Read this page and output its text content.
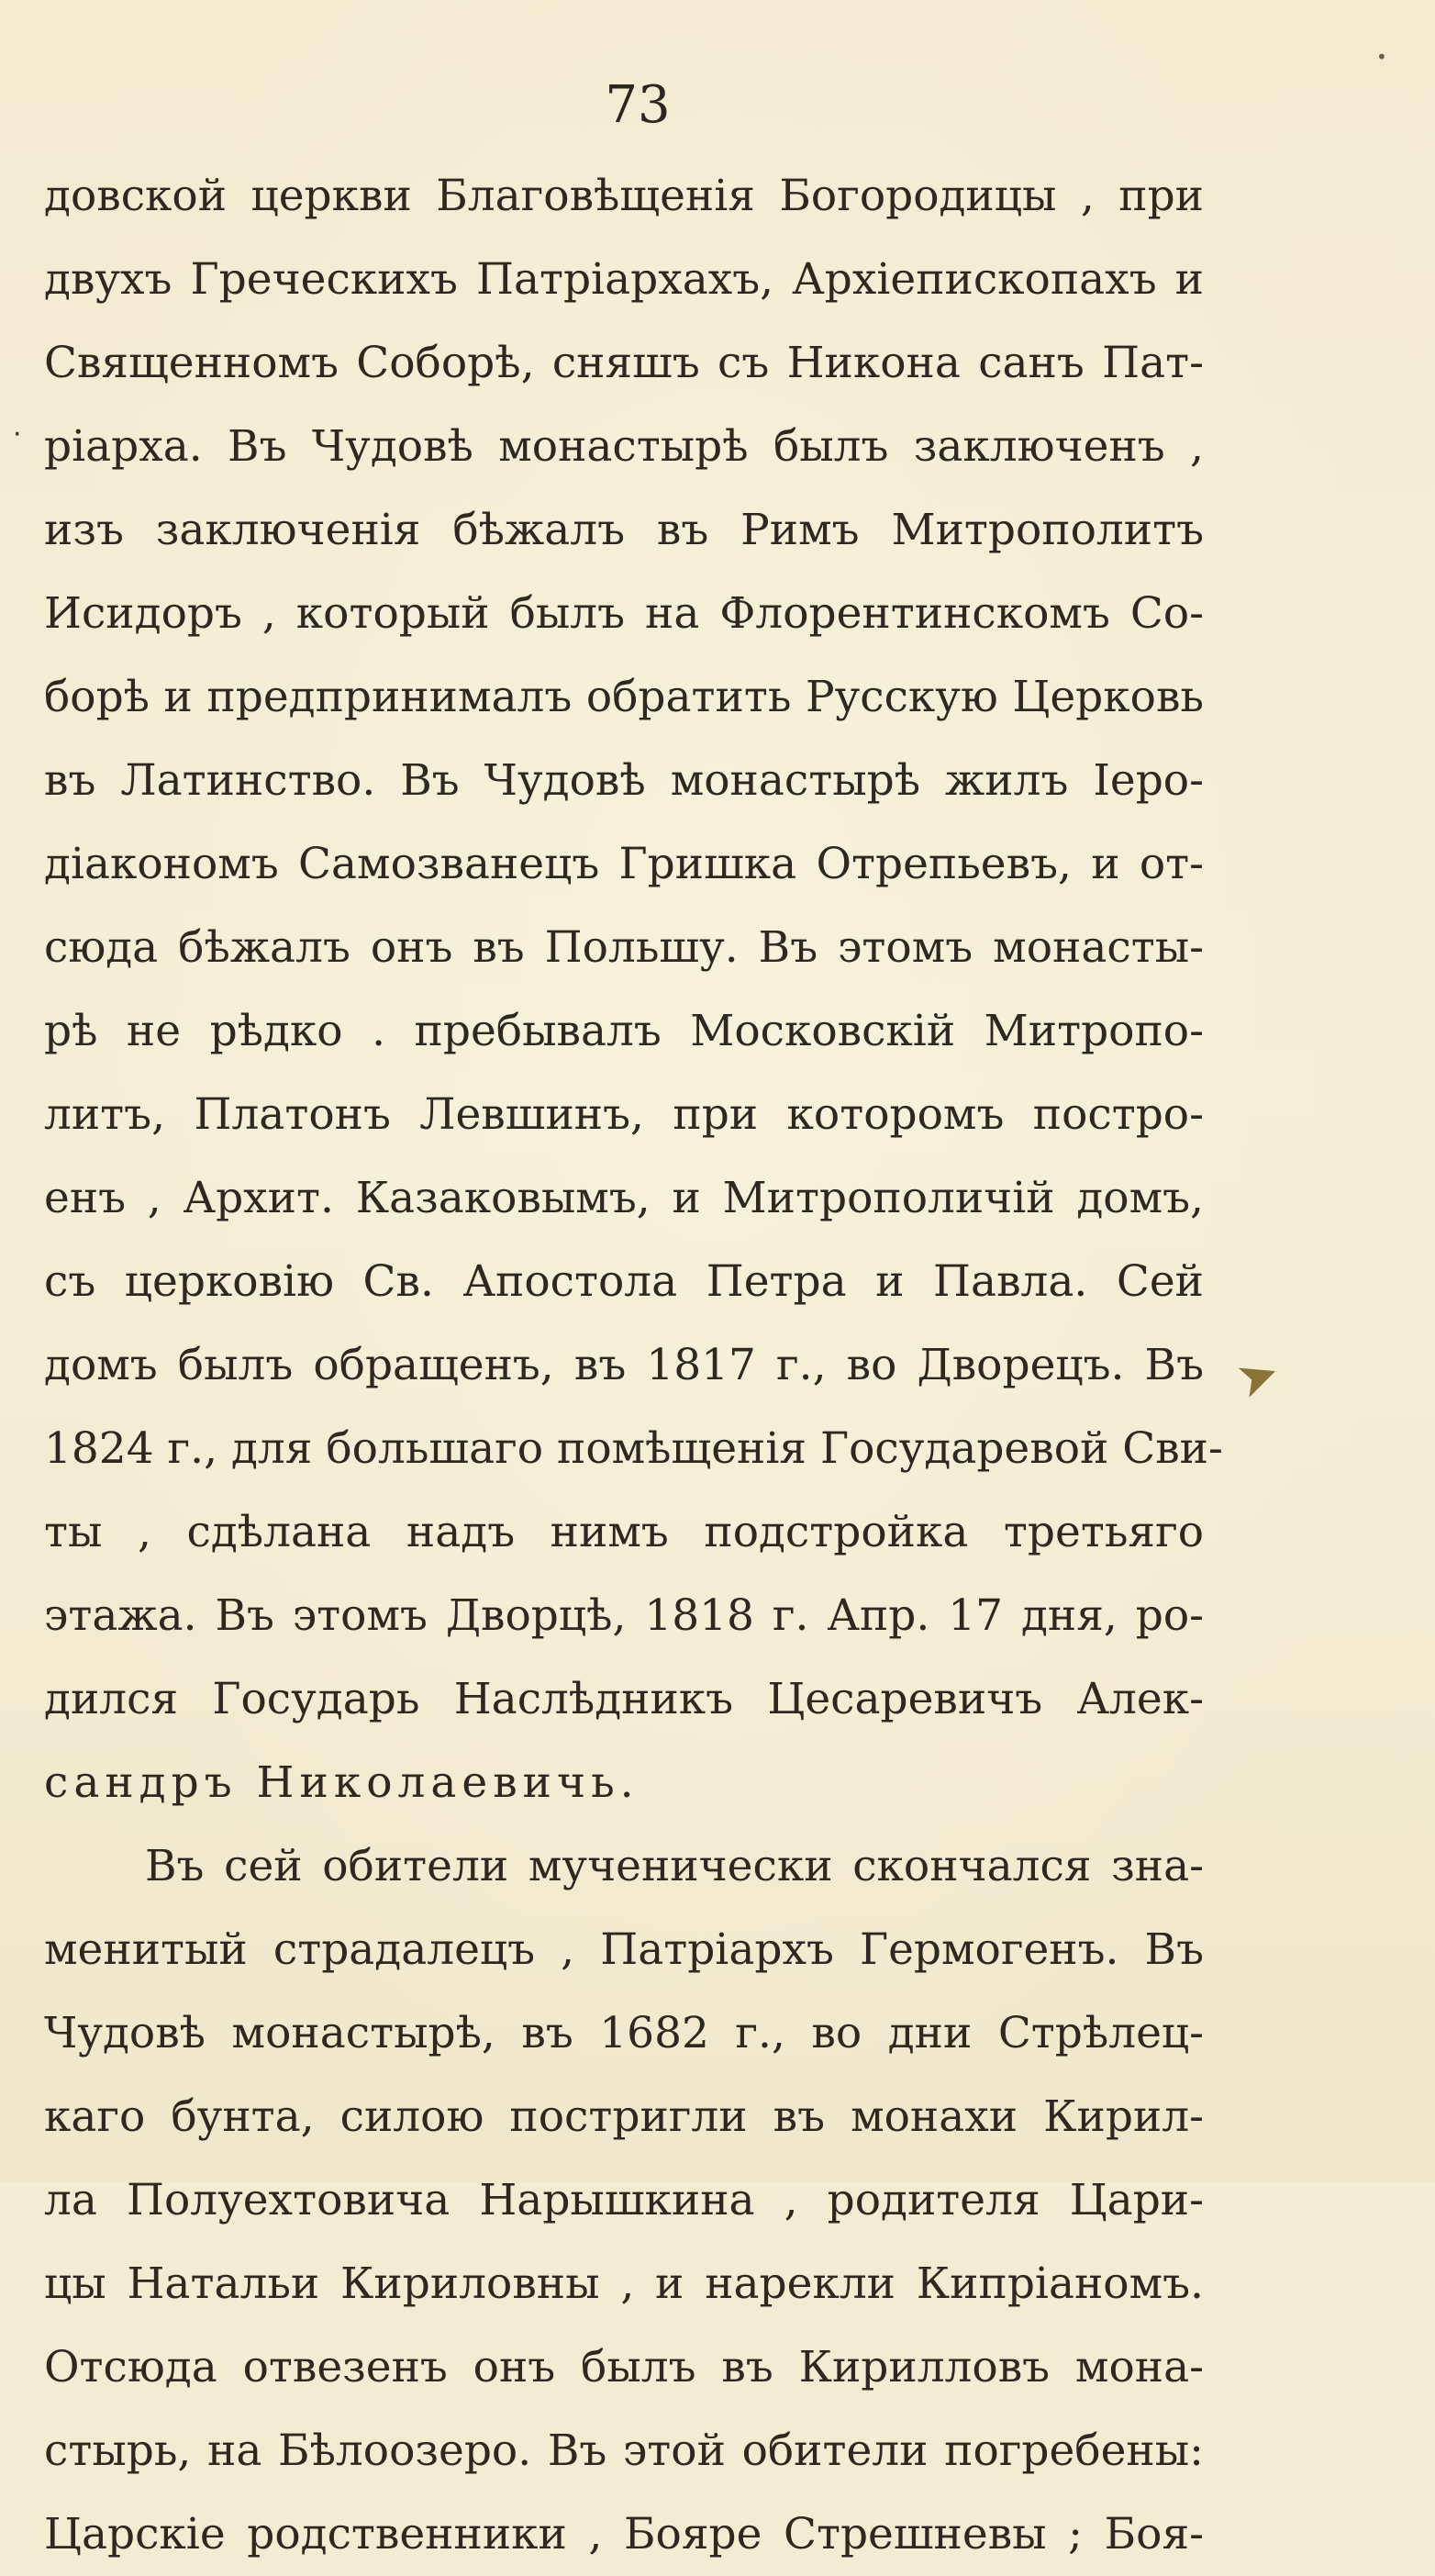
73
•
·
➤
довской церкви Благовѣщенія Богородицы , при
двухъ Греческихъ Патріархахъ, Архіепископахъ и
Священномъ Соборѣ, сняшъ съ Никона санъ Пат-
ріарха. Въ Чудовѣ монастырѣ былъ заключенъ ,
изъ заключенія бѣжалъ въ Римъ Митрополитъ
Исидоръ , который былъ на Флорентинскомъ Со-
борѣ и предпринималъ обратить Русскую Церковь
въ Латинство. Въ Чудовѣ монастырѣ жилъ Іеро-
діакономъ Самозванецъ Гришка Отрепьевъ, и от-
сюда бѣжалъ онъ въ Польшу. Въ этомъ монасты-
рѣ не рѣдко . пребывалъ Московскій Митропо-
литъ, Платонъ Левшинъ, при которомъ постро-
енъ , Архит. Казаковымъ, и Митрополичій домъ,
съ церковію Св. Апостола Петра и Павла. Сей
домъ былъ обращенъ, въ 1817 г., во Дворецъ. Въ
1824 г., для большаго помѣщенія Государевой Сви-
ты , сдѣлана надъ нимъ подстройка третьяго
этажа. Въ этомъ Дворцѣ, 1818 г. Апр. 17 дня, ро-
дился Государь Наслѣдникъ Цесаревичъ Алек-
сандръ Николаевичь.
Въ сей обители мученически скончался зна-
менитый страдалецъ , Патріархъ Гермогенъ. Въ
Чудовѣ монастырѣ, въ 1682 г., во дни Стрѣлец-
каго бунта, силою постригли въ монахи Кирил-
ла Полуехтовича Нарышкина , родителя Цари-
цы Натальи Кириловны , и нарекли Кипріаномъ.
Отсюда отвезенъ онъ былъ въ Кирилловъ мона-
стырь, на Бѣлоозеро. Въ этой обители погребены:
Царскіе родственники , Бояре Стрешневы ; Боя-
